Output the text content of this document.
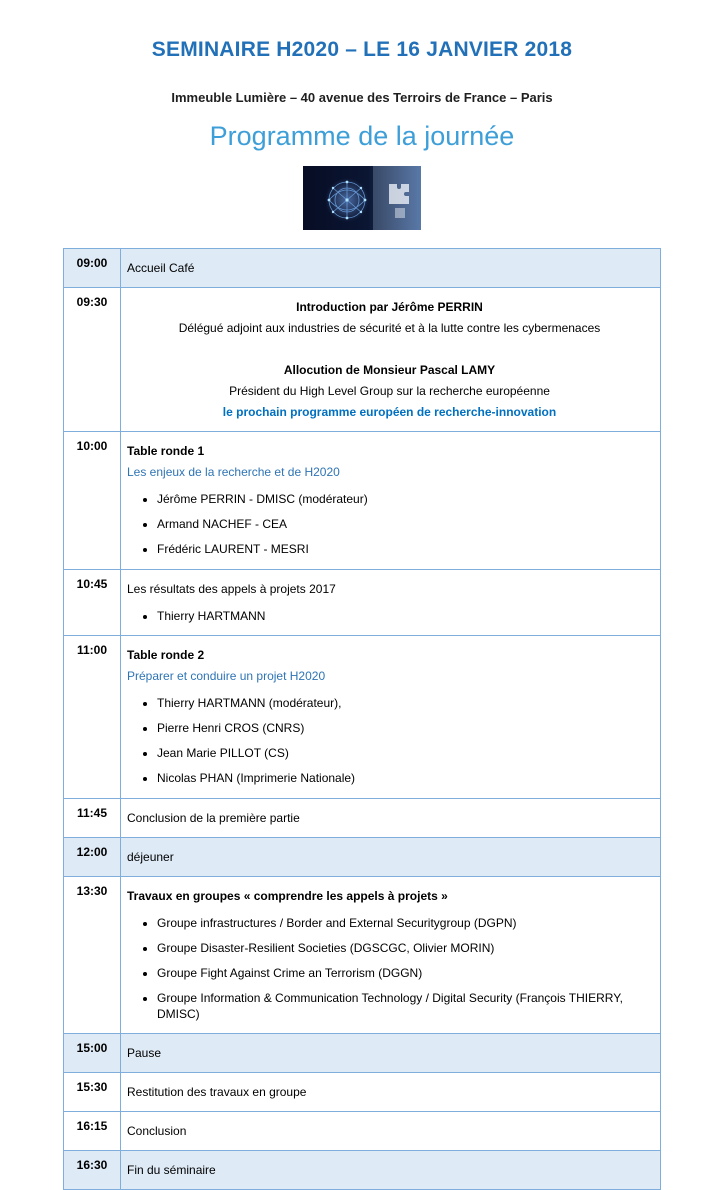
SEMINAIRE H2020 – LE 16 JANVIER 2018
Immeuble Lumière – 40 avenue des Terroirs de France – Paris
Programme de la journée
09:00	Accueil Café

09:30	Introduction par Jérôme PERRIN

Délégué adjoint aux industries de sécurité et à la lutte contre les cybermenaces

Allocution de Monsieur Pascal LAMY

Président du High Level Group sur la recherche européenne

le prochain programme européen de recherche-innovation

10:00	Table ronde 1

Les enjeux de la recherche et de H2020

• Jérôme PERRIN - DMISC (modérateur)
• Armand NACHEF - CEA
• Frédéric LAURENT - MESRI

10:45	Les résultats des appels à projets 2017

• Thierry HARTMANN

11:00	Table ronde 2

Préparer et conduire un projet H2020

• Thierry HARTMANN (modérateur),
• Pierre Henri CROS (CNRS)
• Jean Marie PILLOT (CS)
• Nicolas PHAN (Imprimerie Nationale)

11:45	Conclusion de la première partie

12:00	déjeuner

13:30	Travaux en groupes « comprendre les appels à projets »

• Groupe infrastructures / Border and External Securitygroup (DGPN)
• Groupe Disaster-Resilient Societies (DGSCGC, Olivier MORIN)
• Groupe Fight Against Crime an Terrorism (DGGN)
• Groupe Information & Communication Technology / Digital Security (François THIERRY, DMISC)

15:00	Pause

15:30	Restitution des travaux en groupe

16:15	Conclusion

16:30	Fin du séminaire
